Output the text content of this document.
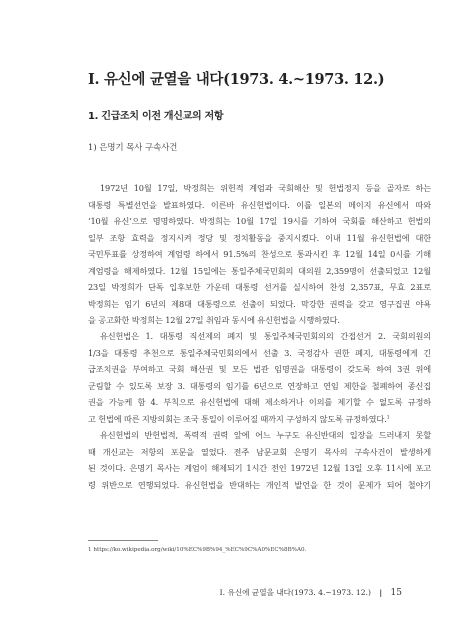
I. 유신에 균열을 내다(1973. 4.~1973. 12.)
1. 긴급조치 이전 개신교의 저항
1) 은명기 목사 구속사건
1972년 10월 17일, 박정희는 위헌적 계엄과 국회해산 및 헌법정지 등을 골자로 하는
대통령 특별선언을 발표하였다. 이른바 유신헌법이다. 이를 일본의 메이지 유신에서 따와
‘10월 유신’으로 명명하였다. 박정희는 10월 17일 19시를 기하여 국회를 해산하고 헌법의
일부 조항 효력을 정지시켜 정당 및 정치활동을 중지시켰다. 이내 11월 유신헌법에 대한
국민투표를 상정하여 계엄령 하에서 91.5%의 찬성으로 통과시킨 후 12월 14일 0시를 기해
계엄령을 해제하였다. 12월 15일에는 통일주체국민회의 대의원 2,359명이 선출되었고 12월
23일 박정희가 단독 입후보한 가운데 대통령 선거를 실시하여 찬성 2,357표, 무효 2표로
박정희는 임기 6년의 제8대 대통령으로 선출이 되었다. 막강한 권력을 갖고 영구집권 야욕
을 공고화한 박정희는 12월 27일 취임과 동시에 유신헌법을 시행하였다.
유신헌법은 1. 대통령 직선제의 폐지 및 통일주체국민회의의 간접선거 2. 국회의원의
1/3을 대통령 추천으로 통일주체국민회의에서 선출 3. 국정감사 권한 폐지, 대통령에게 긴
급조치권을 부여하고 국회 해산권 및 모든 법관 임명권을 대통령이 갖도록 하여 3권 위에
군림할 수 있도록 보장 3. 대통령의 임기를 6년으로 연장하고 연임 제한을 철폐하여 종신집
권을 가능케 함 4. 부칙으로 유신헌법에 대해 제소하거나 이의를 제기할 수 없도록 규정하
고 헌법에 따른 지방의회는 조국 통일이 이루어질 때까지 구성하지 않도록 규정하였다.$^1$
유신헌법의 반헌법적, 폭력적 권력 앞에 어느 누구도 유신반대의 입장을 드러내지 못할
때 개신교는 저항의 포문을 열었다. 전주 남문교회 은명기 목사의 구속사건이 발생하게
된 것이다. 은명기 목사는 계엄이 해제되기 1시간 전인 1972년 12월 13일 오후 11시에 포고
령 위반으로 연행되었다. 유신헌법을 반대하는 개인적 발언을 한 것이 문제가 되어 철야기
1 https://ko.wikipedia.org/wiki/10%EC%9B%94_%EC%9C%A0%EC%8B%A0.
I. 유신에 균열을 내다(1973. 4.~1973. 12.) | 15
